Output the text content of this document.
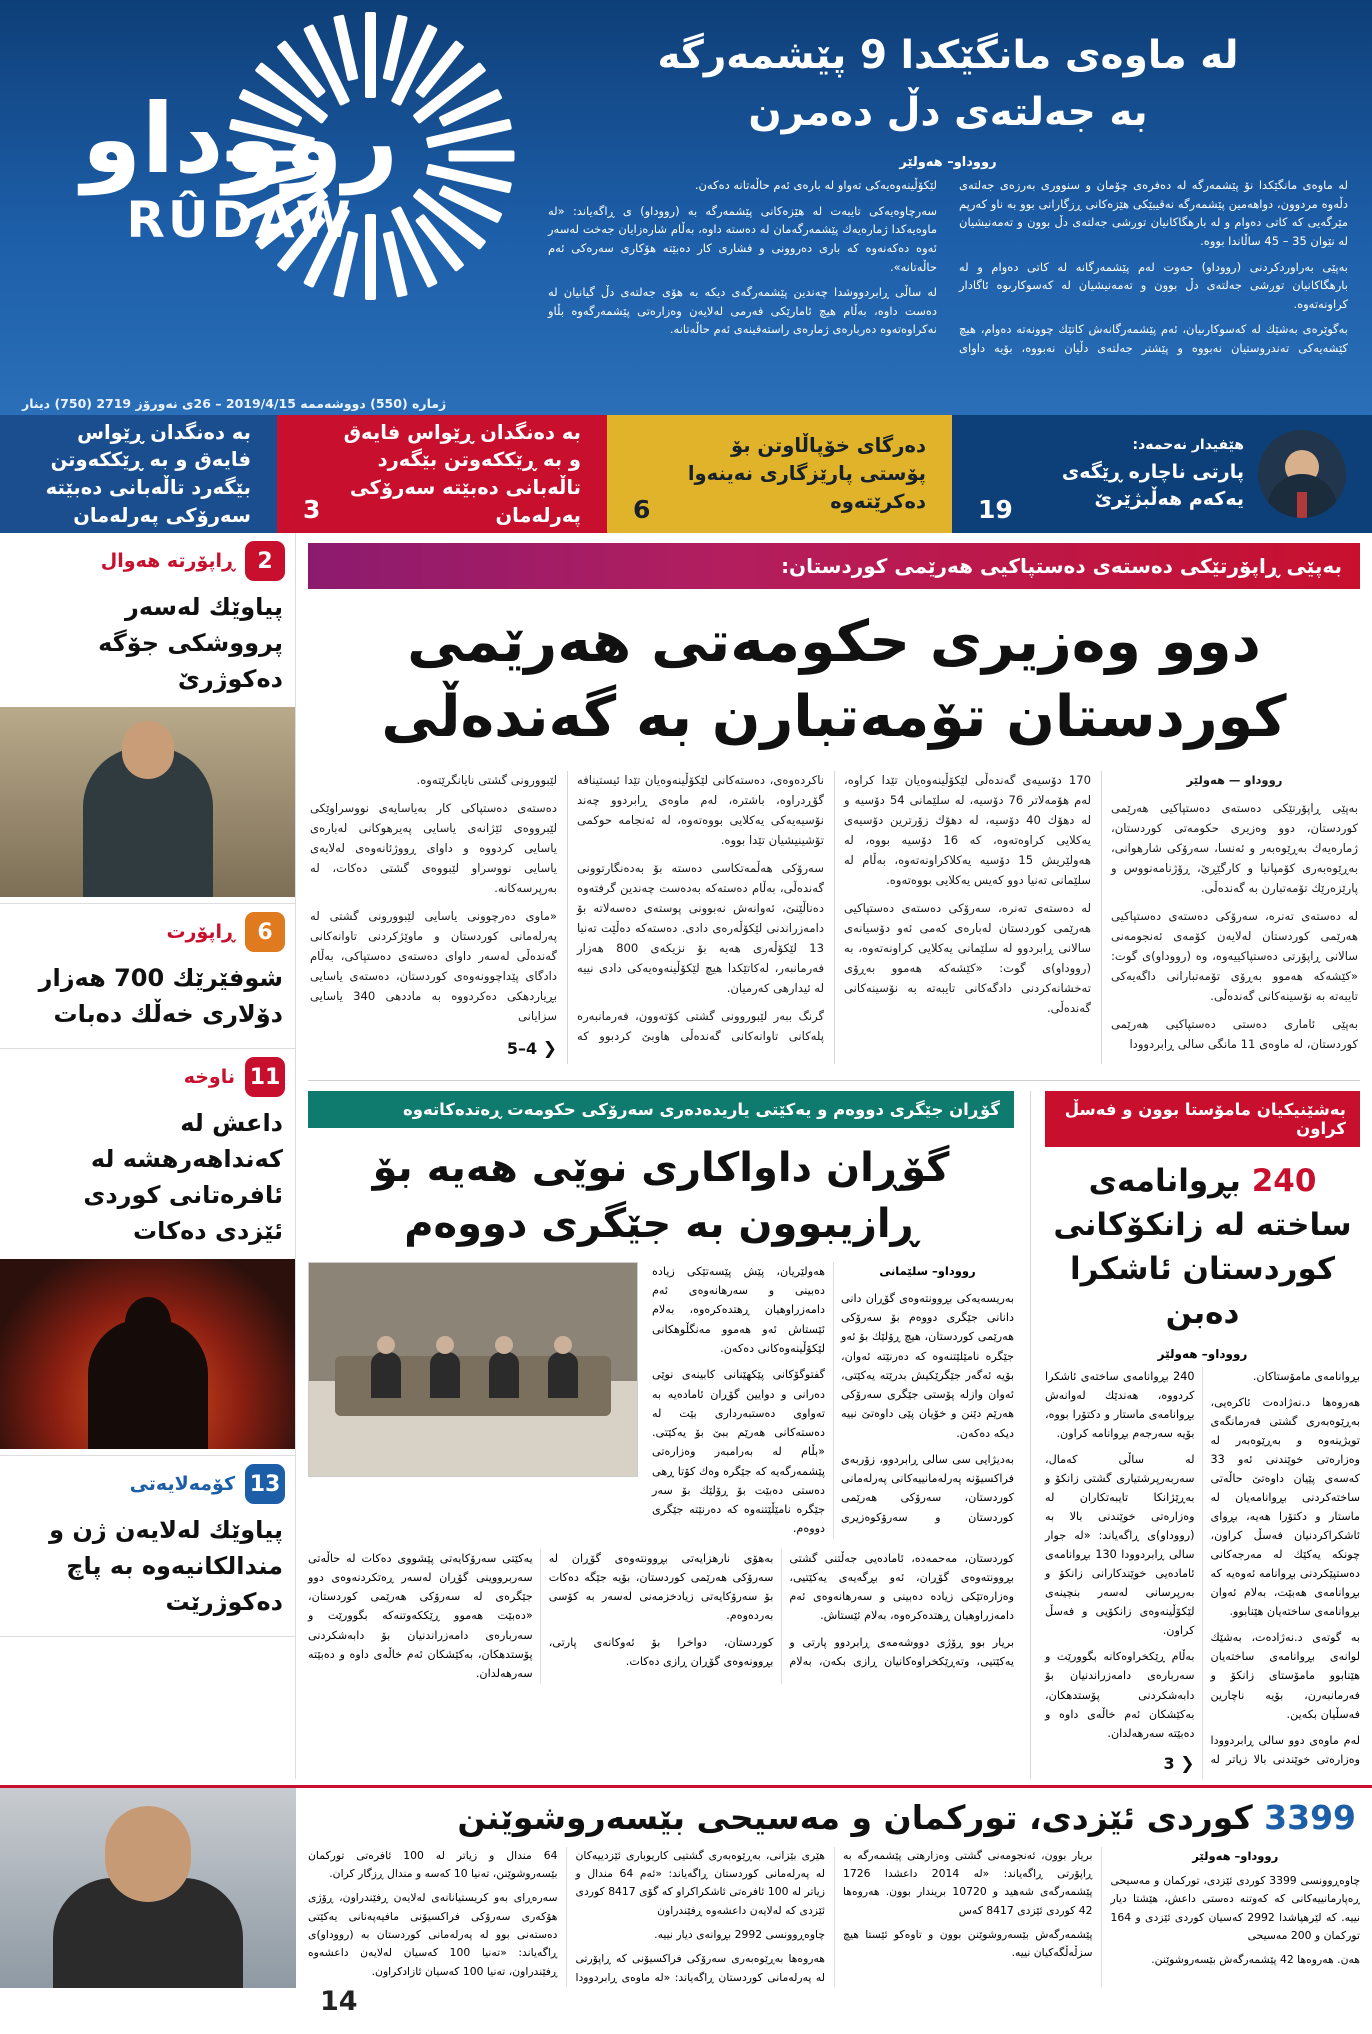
له‌ ماوه‌ى مانگێكدا 9 پێشمه‌رگه‌
به‌ جه‌لته‌ى دڵ ده‌مرن
رووداو– هه‌ولێر

له‌ ماوه‌ى مانگێكدا نۆ پێشمه‌رگه‌ له‌ ده‌فره‌ى چۆمان و سنوورى به‌رزه‌ى جه‌لته‌ى دڵه‌وه‌ مردوون، دواهه‌مین پێشمه‌رگه‌ نه‌قیبێكى هێزه‌كانى ڕزگارانى بوو به‌ ناو كه‌رپم مێرگه‌یى كه‌ كاتى ده‌وام و له‌ بارهگاكانیان توږشى جه‌لته‌ى دڵ بوون و ته‌مه‌نیشیان له‌ نێوان 35 – 45 ساڵاندا بووه‌.

به‌پێى به‌راوردكردنى (رووداو) حه‌وت له‌م پێشمه‌رگانه‌ له‌ كاتى ده‌وام و له‌ بارهگاكانیان توږشى جه‌لته‌ى دڵ بوون و ته‌مه‌نیشیان له‌ كه‌سوكارىوه‌ ئاگادار كراونه‌ته‌وه‌.

به‌گوێره‌ى به‌شێك له‌ كه‌سوكارىیان، ئه‌م پێشمه‌رگانه‌ش كاتێك چوونه‌ته‌ ده‌وام، هیچ كێشه‌یه‌كى ته‌ندروستیان نه‌بووه‌ و پێشتر جه‌لته‌ى دڵیان نه‌بووه‌، بۆیه‌ داواى لێكۆڵینه‌وه‌یه‌كى ته‌واو له‌ باره‌ى ئه‌م حاڵه‌تانه‌ ده‌كه‌ن.

سه‌رچاوه‌یه‌كى تایبه‌ت له‌ هێزه‌كانى پێشمه‌رگه‌ به‌ (رووداو) ى ڕاگه‌یاند: «له‌ ماوه‌یه‌كدا ژماره‌یه‌ك پێشمه‌رگه‌مان له‌ ده‌سته‌ داوه‌، به‌ڵام شاره‌زایان جه‌خت له‌سه‌ر ئه‌وه‌ ده‌كه‌نه‌وه‌ كه‌ بارى ده‌روونى و فشارى كار ده‌بێته‌ هۆكارى سه‌ره‌كى ئه‌م حاڵه‌تانه‌».

له‌ ساڵى ڕابردووشدا چه‌ندین پێشمه‌رگه‌ى دیكه‌ به‌ هۆى جه‌لته‌ى دڵ گیانیان له‌ ده‌ست داوه‌، به‌ڵام هیچ ئامارێكى فه‌رمى له‌لایه‌ن وه‌زاره‌تى پێشمه‌رگه‌وه‌ بڵاو نه‌كراوه‌ته‌وه‌ ده‌رباره‌ى ژماره‌ى راسته‌قینه‌ى ئه‌م حاڵه‌تانه‌.

رووداو
RÛDAW
ژماره‌ (550) دووشه‌ممه‌ 2019/4/15 – 26ى نه‌ورۆز 2719 (750) دینار
هێفیدار نه‌حمه‌د:
پارتى ناچاره‌ ڕێگه‌ى یه‌كه‌م هه‌ڵبژێرێ
19
ده‌رگاى خۆپاڵاوتن بۆ پۆستى پارێزگارى نه‌ینه‌وا ده‌كرێته‌وه‌
6
به‌ ده‌نگدان ڕێواس فایه‌ق و به‌ ڕێككه‌وتن بێگه‌رد تاڵه‌بانى ده‌بێته‌ سه‌رۆكى په‌رله‌مان
3
به‌ ده‌نگدان ڕێواس فایه‌ق و به‌ ڕێككه‌وتن بێگه‌رد تاڵه‌بانى ده‌بێته‌ سه‌رۆكى په‌رله‌مان
به‌پێى ڕاپۆرتێكى ده‌سته‌ى ده‌ستپاكیى هه‌رێمى كوردستان:
دوو وه‌زیرى حكومه‌تى هه‌رێمى كوردستان تۆمه‌تبارن به‌ گه‌نده‌ڵى

رووداو — هه‌ولێر

به‌پێى ڕاپۆرتێكى ده‌سته‌ى ده‌ستپاكیى هه‌رێمى كوردستان، دوو وه‌زیرى حكومه‌تى كوردستان، ژماره‌یه‌ك به‌ڕێوه‌به‌ر و ئه‌نسا، سه‌رۆكى شارهوانى، به‌ڕێوه‌به‌رى كۆمپانیا و كارگێڕێ، ڕۆژنامه‌نووس و پارێزه‌رێك تۆمه‌تبارن به‌ گه‌نده‌ڵى.

له‌ ده‌سته‌ى ته‌نره‌، سه‌رۆكى ده‌سته‌ى ده‌ستپاكیى هه‌رێمى كوردستان له‌لایه‌ن كۆمه‌ى ئه‌نجومه‌نى سالانى ڕاپۆرتى ده‌ستپاكییه‌وه‌، وه‌ (رووداو)ى گوت: «كێشه‌كه‌ هه‌موو به‌ڕۆى تۆمه‌تبارانى داگه‌یه‌كى تایبه‌ته‌ به‌ نۆسینه‌كانى گه‌نده‌ڵى.

به‌پێى ئامارى ده‌ستى ده‌ستپاكیى هه‌رێمى كوردستان، له‌ ماوه‌ى 11 مانگى سالى ڕابردوودا

170 دۆسیه‌ى گه‌نده‌ڵى لێكۆڵینه‌وه‌یان تێدا كراوه‌، له‌م هۆمه‌لاتر 76 دۆسیه‌، له‌ سلێمانى 54 دۆسیه‌ و له‌ دهۆك 40 دۆسیه‌، له‌ دهۆك زۆرترین دۆسیه‌ى یه‌كلایى كراوه‌ته‌وه‌، كه‌ 16 دۆسیه‌ بووه‌، له‌ هه‌ولێریش 15 دۆسیه‌ یه‌كلاكراونه‌ته‌وه‌، به‌ڵام له‌ سلێمانى ته‌نیا دوو كه‌یس یه‌كلایى بووه‌ته‌وه‌.

له‌ ده‌سته‌ى ته‌نره‌، سه‌رۆكى ده‌سته‌ى ده‌ستپاكیى هه‌رێمى كوردستان له‌باره‌ى كه‌مى ئه‌و دۆسیانه‌ى سالانى ڕابردوو له‌ سلێمانى یه‌كلایى كراونه‌ته‌وه‌، به‌ (رووداو)ى گوت: «كێشه‌كه‌ هه‌موو به‌ڕۆى ته‌خشانه‌كردنى دادگه‌كانى تایبه‌ته‌ به‌ نۆسینه‌كانى گه‌نده‌ڵى.

ناكرده‌وه‌ى، ده‌سته‌كانى لێكۆڵینه‌وه‌یان تێدا ئیستینافه‌ گۆڕدراوه‌، باشتره‌، له‌م ماوه‌ى ڕابردوو چه‌ند نۆسیه‌یه‌كى یه‌كلایى بووه‌ته‌وه‌، له‌ ئه‌نجامه‌ حوكمى تۆشینیشیان تێدا بووه‌.

سه‌رۆكى هه‌ڵمه‌تكاسى ده‌سته‌ بۆ به‌ده‌نگارتوونى گه‌نده‌ڵى، به‌ڵام ده‌سته‌كه‌ به‌ده‌ست چه‌ندین گرفته‌وه‌ ده‌ناڵێنێ، ئه‌وانه‌ش نه‌بوونى پوسته‌ى ده‌سه‌لاته‌ بۆ دامه‌زراندنى لێكۆڵه‌ره‌ى دادى. ده‌سته‌كه‌ ده‌ڵێت ته‌نیا 13 لێكۆڵه‌رى هه‌یه‌ بۆ نزیكه‌ى 800 هه‌زار فه‌رمانبه‌ر، له‌كاتێكدا هیچ لێكۆڵینه‌وه‌یه‌كى دادى نییه‌ له‌ ئیدارهى كه‌رمیان.

گرنگ‌ ببه‌ر لێبوروونى گشتى كۆته‌وون، فه‌رمانبه‌ره‌ پله‌كانى تاوانه‌كانى گه‌نده‌ڵى هاوبێ كردبوو كه‌ لێبوورونى گشتى نایانگرێته‌وه‌.

ده‌سته‌ى ده‌ستپاكى كار به‌یاسایه‌ى نووسراوێكى لێبرووه‌ى ئێژانه‌ى یاسایى په‌یرهوكانى له‌باره‌ى یاسایى كردووه‌ و داواى ڕووژئانه‌وه‌ى له‌لایه‌ى یاسایى نووسراو لێبووه‌ى گشتى ده‌كات، له‌ به‌رپرسه‌كانه‌.

«ماوى ده‌رچوونى یاسایى لێبوورونى گشتى له‌ په‌رله‌مانى كوردستان و ماوێژكردنى تاوانه‌كانى گه‌نده‌ڵى له‌سه‌ر داواى ده‌سته‌ى ده‌ستپاكى، به‌ڵام دادگاى پێداچوونه‌وه‌ى كوردستان، ده‌سته‌ى یاسایى بڕیاردهكى ده‌كردووه‌ به‌ ماددهى 340 یاسایى سزایانى

❮ 4–5

به‌شێنیكیان مامۆستا بوون و فه‌سڵ كراون
240 بڕوانامه‌ى ساخته‌ له‌ زانكۆكانى كوردستان ئاشكرا ده‌بن
رووداو– هه‌ولێر

بڕوانامه‌ى مامۆستاكان.

هه‌روه‌ها د.نه‌ژاده‌ت ئاكره‌یى، به‌ڕێوه‌به‌رى گشتى فه‌رمانگه‌ى تویژینه‌وه‌ و به‌ڕێوه‌به‌ر له‌ وه‌زاره‌تى خوێندنى ئه‌و 33 كه‌سه‌ى پێیان داوه‌تێ حاڵه‌تى ساخته‌كردنى بڕوانامه‌یان له‌ ماستار و دكتۆرا هه‌یه‌، بڕواى ئاشكراكردنیان فه‌سڵ كراون، چونكه‌ یه‌كێك له‌ مه‌رجه‌كانى ده‌ستپێكردنى بڕوانامه‌ ئه‌وه‌یه‌ كه‌ بڕوانامه‌ى هه‌بێت، به‌لام ئه‌وان بڕوانامه‌ى ساخته‌یان هێنابوو.

به‌ گوته‌ى د.نه‌ژاده‌ت، به‌شێك لوانه‌ى بڕوانامه‌ى ساخته‌یان هێنابوو مامۆستاى زانكۆ و فه‌رمانبه‌رن، بۆیه‌ ناچارین فه‌سڵیان بكه‌ین.

له‌م ماوه‌ى دوو سالى ڕابردوودا وه‌زاره‌تى خوێندنى بالا زیاتر له‌ 240 بڕوانامه‌ى ساخته‌ى ئاشكرا كردووه‌، هه‌ندێك له‌وانه‌ش بڕوانامه‌ى ماستار و دكتۆرا بووه‌، بۆیه‌ سه‌رجه‌م بڕوانامه‌ كراون.

له‌ ساڵى كه‌مال، سه‌ربه‌رپرشتیارى گشتى زانكۆ و به‌ڕێژانكا تایبه‌تكاران له‌ وه‌زاره‌تى خوێندنى بالا به‌ (رووداو)ى ڕاگه‌یاند: «له‌ جوار سالى ڕابردوودا 130 بڕوانامه‌ى ئاماده‌یى خوێندكارانى زانكۆ و به‌رپرسانى له‌سه‌ر بنچینه‌ى لێكۆڵینه‌وه‌ى زانكۆیى و فه‌سڵ كراون.

به‌ڵام ڕێكخراوه‌كانه‌ بگوورێت و سه‌رباره‌ى دامه‌زراندنیان بۆ دابه‌شكردنى پۆستدهكان، به‌كێشكان ئه‌م خاڵه‌ى داوه‌ و ده‌بێته‌ سه‌رهه‌لدان.

❮ 3

گۆڕان جێگرى دووه‌م و یه‌كێتى یاریده‌ده‌رى سه‌رۆكى حكومه‌ت ڕه‌تده‌كاته‌وه‌
گۆڕان داواكارى نوێى هه‌یه‌ بۆ ڕازیبوون به‌ جێگرى دووه‌م

رووداو– سلێمانى

به‌ریسه‌یه‌كى بڕوونته‌وه‌ى گۆڕان دانى دانانى جێگرى دووه‌م بۆ سه‌رۆكى هه‌رێمى كوردستان، هیچ ڕۆلێك بۆ ئه‌و جێگره‌ نامێلێتنه‌وه‌ كه‌ ده‌رنێته‌ ئه‌وان، بۆیه‌ ئه‌گه‌ر جێگرێكیش بدرێته‌ یه‌كێتى، ئه‌وان وازله‌ پۆستى جێگرى سه‌رۆكى هه‌رێم دێنن و خۆیان پێى داوه‌تێ نییه‌ دیكه‌ ده‌كه‌ن.

به‌دیژایى سى سالى ڕابردوو، زۆربه‌ى فراكسیۆنه‌ په‌رله‌مانییه‌كانى په‌رله‌مانى كوردستان، سه‌رۆكى هه‌رێمى كوردستان و سه‌رۆكوه‌زیرى هه‌ولێریان، پێش پێسه‌تێكى زیاده‌ ده‌بینى و سه‌رهانه‌وه‌ى ئه‌م دامه‌زراوهیان ڕهتده‌كره‌وه‌، به‌لام ئێستاش ئه‌و هه‌موو مه‌نگڵوهكانى لێكۆڵینه‌وه‌كانى ده‌كه‌ن.

گفتوگۆكانى پێكهێنانى كابینه‌ى نوێى ده‌رانى و دوایین گۆڕان ئاماده‌یه‌ به‌ ته‌واوى ده‌ستبه‌ردارى بێت له‌ ده‌سته‌كانى هه‌رێم ببێ بۆ یه‌كێتى. «بڵام له‌ به‌رامبه‌ر وه‌زاره‌تى پێشمه‌رگه‌یه‌ كه‌ جێگره‌ وه‌ك كۆتا ڕهى ده‌ستى ده‌بێت بۆ ڕۆلێك بۆ سه‌ر جێگره‌ نامێڵێتنه‌وه‌ كه‌ ده‌رنێته‌ جێگرى دووه‌م.

كوردستان، مه‌حمه‌ده‌، ئاماده‌یى جه‌ڵتنى گشتى بڕوونته‌وه‌ى گۆڕان، ئه‌و بڕگه‌یه‌ى یه‌كێتیى، وه‌زاره‌تێكى زیاده‌ ده‌بینى و سه‌رهانه‌وه‌ى ئه‌م دامه‌زراوهیان ڕهتده‌كره‌وه‌، به‌لام ئێستاش.

بریار بوو ڕۆژى دووشه‌مه‌ى ڕابردوو پارتى و یه‌كێتیى، وته‌ڕێكخراوه‌كانیان ڕازى بكه‌ن، به‌لام به‌هۆى نارهزایه‌تى بڕوونته‌وه‌ى گۆڕان له‌ سه‌رۆكى هه‌رێمى كوردستان، بۆیه‌ جێگه‌ ده‌كات بۆ سه‌رۆكایه‌تى زیادخزمه‌نى له‌سه‌ر به‌ كۆسى به‌رده‌وه‌م.

كوردستان، دواخرا بۆ ئه‌وكانه‌ى پارتى، بڕوونه‌وه‌ى گۆڕان ڕازى ده‌كات.

یه‌كێتى سه‌رۆكایه‌تى پێشووى ده‌كات له‌ حاڵه‌تى سه‌ربرووینى گۆڕان له‌سه‌ر ڕه‌تكردنه‌وه‌ى دوو جێگره‌ى له‌ سه‌رۆكى هه‌رێمى كوردستان، «ده‌بێت هه‌موو ڕێككه‌وتنه‌كه‌ بگوورێت و سه‌رباره‌ى دامه‌زراندنیان بۆ دابه‌شكردنى پۆستدهكان، به‌كێشكان ئه‌م خاڵه‌ى داوه‌ و ده‌بێته‌ سه‌رهه‌لدان.

2
ڕاپۆرته‌ هه‌وال
پیاوێك له‌سه‌ر پرووشكى جۆگه‌ ده‌كوژرێ
6
ڕاپۆرت
شوفێرێك 700 هه‌زار دۆلارى خه‌ڵك ده‌بات
11
ناوخه‌
داعش له‌ كه‌نداهه‌رهشه‌ له‌ ئافره‌تانى كوردى ئێزدى ده‌كات
13
كۆمه‌لایه‌تى
پیاوێك له‌لایه‌ن ژن و مندالكانیه‌وه‌ به‌ پاچ ده‌كوژرێت
3399 كوردى ئێزدى، توركمان و مه‌سیحى بێسه‌روشوێنن

رووداو– هه‌ولێر

چاوه‌ڕوونسى 3399 كوردى ئێزدى، توركمان و مه‌سیحى ڕه‌پارمانییه‌كانى كه‌ كه‌وتنه‌ ده‌ستى داعش، هێشتا دیار نییه‌. كه‌ لێرهپاشدا 2992 كه‌سیان كوردى ئێزدى و 164 توركمان و 200 مه‌سیحى

هه‌ن. هه‌روه‌ها 42 پێشمه‌رگه‌ش بێسه‌روشوێنن.

بریار بوون، ئه‌نجومه‌نى گشتى وه‌زارهتى پێشمه‌رگه‌ به‌ ڕاپۆرتى ڕاگه‌یاند: «له‌ 2014 داعشدا 1726 پێشمه‌رگه‌ى شه‌هید و 10720 بریندار بوون. هه‌روه‌ها 42 كوردى ئێزدى 8417 كه‌س

پێشمه‌رگه‌ش بێسه‌روشوێنن بوون و تاوه‌كو ئێستا هیچ سزڵه‌ڵگه‌كیان نییه‌.

هێرى بێزانى، به‌ڕێوه‌به‌رى گشتیى كاریوبارى ئێزدییه‌كان له‌ په‌رله‌مانى كوردستان ڕاگه‌یاند: «ئه‌م 64 مندال و زیاتر له‌ 100 ئافره‌تى ئاشكراكراو كه‌ گۆى 8417 كوردى ئێزدى كه‌ له‌لایه‌ن داعشه‌وه‌ ڕفێندراون

چاوه‌ڕوونسى 2992 بڕوانه‌ى دیار نییه‌.

هه‌روه‌ها به‌ڕێوه‌به‌رى سه‌رۆكى فراكسیۆنى كه‌ ڕاپۆرتى له‌ په‌رله‌مانى كوردستان ڕاگه‌یاند: «له‌ ماوه‌ى ڕابردوودا 64 مندال و زیاتر له‌ 100 ئافره‌تى توركمان بێسه‌روشوێنن، ته‌نیا 10 كه‌سه‌ و مندال ڕزگار كران.

سه‌ره‌ڕاى به‌و كریستیانانه‌ى له‌لایه‌ن ڕفێندراون، ڕۆژى هۆكه‌رى سه‌رۆكى فراكسیۆنى مافیه‌په‌نانى یه‌كێتى ده‌سته‌نى بوو له‌ په‌رله‌مانى كوردستان به‌ (رووداو)ى ڕاگه‌یاند: «ته‌نیا 100 كه‌سیان له‌لایه‌ن داعشه‌وه‌ ڕفێندراون، ته‌نیا 100 كه‌سیان ئازادكراون.

14
